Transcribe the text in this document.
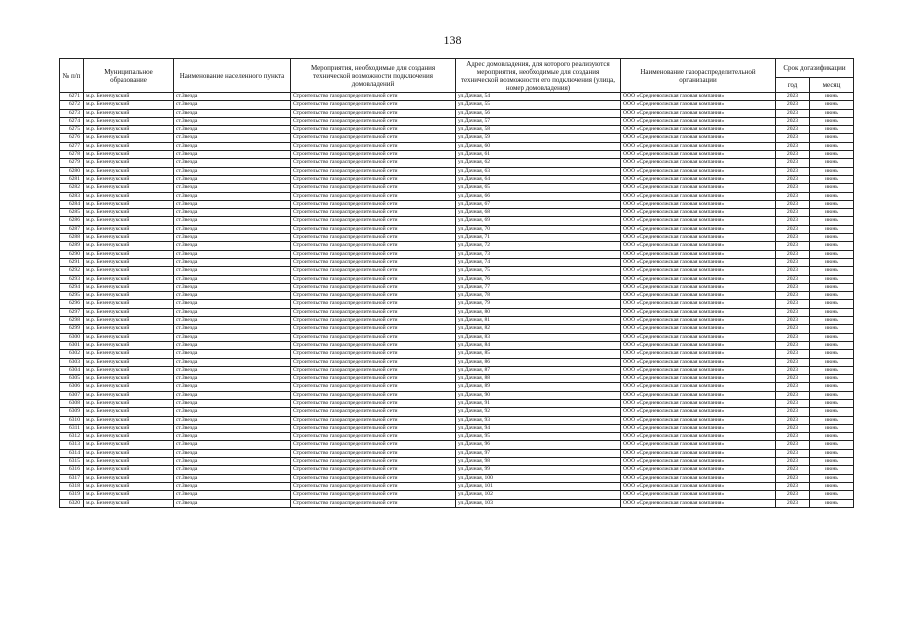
138
№ п/п	Муниципальное образование	Наименование населенного пункта	Мероприятия, необходимые для создания технической возможности подключения домовладений	Адрес домовладения, для которого реализуются мероприятия, необходимые для создания технической возможности его подключения (улица, номер домовладения)	Наименование газораспределительной организации	Срок догазификации	
						год	месяц
6271	м.р. Безенчукский	ст.Звезда	Строительство газораспределительной сети	ул.Дачная, 54	ООО «Средневолжская газовая компания»	2023	июнь
6272	м.р. Безенчукский	ст.Звезда	Строительство газораспределительной сети	ул.Дачная, 55	ООО «Средневолжская газовая компания»	2023	июнь
6273	м.р. Безенчукский	ст.Звезда	Строительство газораспределительной сети	ул.Дачная, 56	ООО «Средневолжская газовая компания»	2023	июнь
6274	м.р. Безенчукский	ст.Звезда	Строительство газораспределительной сети	ул.Дачная, 57	ООО «Средневолжская газовая компания»	2023	июнь
6275	м.р. Безенчукский	ст.Звезда	Строительство газораспределительной сети	ул.Дачная, 58	ООО «Средневолжская газовая компания»	2023	июнь
6276	м.р. Безенчукский	ст.Звезда	Строительство газораспределительной сети	ул.Дачная, 59	ООО «Средневолжская газовая компания»	2023	июнь
6277	м.р. Безенчукский	ст.Звезда	Строительство газораспределительной сети	ул.Дачная, 60	ООО «Средневолжская газовая компания»	2023	июнь
6278	м.р. Безенчукский	ст.Звезда	Строительство газораспределительной сети	ул.Дачная, 61	ООО «Средневолжская газовая компания»	2023	июнь
6279	м.р. Безенчукский	ст.Звезда	Строительство газораспределительной сети	ул.Дачная, 62	ООО «Средневолжская газовая компания»	2023	июнь
6280	м.р. Безенчукский	ст.Звезда	Строительство газораспределительной сети	ул.Дачная, 63	ООО «Средневолжская газовая компания»	2023	июнь
6281	м.р. Безенчукский	ст.Звезда	Строительство газораспределительной сети	ул.Дачная, 64	ООО «Средневолжская газовая компания»	2023	июнь
6282	м.р. Безенчукский	ст.Звезда	Строительство газораспределительной сети	ул.Дачная, 65	ООО «Средневолжская газовая компания»	2023	июнь
6283	м.р. Безенчукский	ст.Звезда	Строительство газораспределительной сети	ул.Дачная, 66	ООО «Средневолжская газовая компания»	2023	июнь
6284	м.р. Безенчукский	ст.Звезда	Строительство газораспределительной сети	ул.Дачная, 67	ООО «Средневолжская газовая компания»	2023	июнь
6285	м.р. Безенчукский	ст.Звезда	Строительство газораспределительной сети	ул.Дачная, 68	ООО «Средневолжская газовая компания»	2023	июнь
6286	м.р. Безенчукский	ст.Звезда	Строительство газораспределительной сети	ул.Дачная, 69	ООО «Средневолжская газовая компания»	2023	июнь
6287	м.р. Безенчукский	ст.Звезда	Строительство газораспределительной сети	ул.Дачная, 70	ООО «Средневолжская газовая компания»	2023	июнь
6288	м.р. Безенчукский	ст.Звезда	Строительство газораспределительной сети	ул.Дачная, 71	ООО «Средневолжская газовая компания»	2023	июнь
6289	м.р. Безенчукский	ст.Звезда	Строительство газораспределительной сети	ул.Дачная, 72	ООО «Средневолжская газовая компания»	2023	июнь
6290	м.р. Безенчукский	ст.Звезда	Строительство газораспределительной сети	ул.Дачная, 73	ООО «Средневолжская газовая компания»	2023	июнь
6291	м.р. Безенчукский	ст.Звезда	Строительство газораспределительной сети	ул.Дачная, 74	ООО «Средневолжская газовая компания»	2023	июнь
6292	м.р. Безенчукский	ст.Звезда	Строительство газораспределительной сети	ул.Дачная, 75	ООО «Средневолжская газовая компания»	2023	июнь
6293	м.р. Безенчукский	ст.Звезда	Строительство газораспределительной сети	ул.Дачная, 76	ООО «Средневолжская газовая компания»	2023	июнь
6294	м.р. Безенчукский	ст.Звезда	Строительство газораспределительной сети	ул.Дачная, 77	ООО «Средневолжская газовая компания»	2023	июнь
6295	м.р. Безенчукский	ст.Звезда	Строительство газораспределительной сети	ул.Дачная, 78	ООО «Средневолжская газовая компания»	2023	июнь
6296	м.р. Безенчукский	ст.Звезда	Строительство газораспределительной сети	ул.Дачная, 79	ООО «Средневолжская газовая компания»	2023	июнь
6297	м.р. Безенчукский	ст.Звезда	Строительство газораспределительной сети	ул.Дачная, 80	ООО «Средневолжская газовая компания»	2023	июнь
6298	м.р. Безенчукский	ст.Звезда	Строительство газораспределительной сети	ул.Дачная, 81	ООО «Средневолжская газовая компания»	2023	июнь
6299	м.р. Безенчукский	ст.Звезда	Строительство газораспределительной сети	ул.Дачная, 82	ООО «Средневолжская газовая компания»	2023	июнь
6300	м.р. Безенчукский	ст.Звезда	Строительство газораспределительной сети	ул.Дачная, 83	ООО «Средневолжская газовая компания»	2023	июнь
6301	м.р. Безенчукский	ст.Звезда	Строительство газораспределительной сети	ул.Дачная, 84	ООО «Средневолжская газовая компания»	2023	июнь
6302	м.р. Безенчукский	ст.Звезда	Строительство газораспределительной сети	ул.Дачная, 85	ООО «Средневолжская газовая компания»	2023	июнь
6303	м.р. Безенчукский	ст.Звезда	Строительство газораспределительной сети	ул.Дачная, 86	ООО «Средневолжская газовая компания»	2023	июнь
6304	м.р. Безенчукский	ст.Звезда	Строительство газораспределительной сети	ул.Дачная, 87	ООО «Средневолжская газовая компания»	2023	июнь
6305	м.р. Безенчукский	ст.Звезда	Строительство газораспределительной сети	ул.Дачная, 88	ООО «Средневолжская газовая компания»	2023	июнь
6306	м.р. Безенчукский	ст.Звезда	Строительство газораспределительной сети	ул.Дачная, 89	ООО «Средневолжская газовая компания»	2023	июнь
6307	м.р. Безенчукский	ст.Звезда	Строительство газораспределительной сети	ул.Дачная, 90	ООО «Средневолжская газовая компания»	2023	июнь
6308	м.р. Безенчукский	ст.Звезда	Строительство газораспределительной сети	ул.Дачная, 91	ООО «Средневолжская газовая компания»	2023	июнь
6309	м.р. Безенчукский	ст.Звезда	Строительство газораспределительной сети	ул.Дачная, 92	ООО «Средневолжская газовая компания»	2023	июнь
6310	м.р. Безенчукский	ст.Звезда	Строительство газораспределительной сети	ул.Дачная, 93	ООО «Средневолжская газовая компания»	2023	июнь
6311	м.р. Безенчукский	ст.Звезда	Строительство газораспределительной сети	ул.Дачная, 94	ООО «Средневолжская газовая компания»	2023	июнь
6312	м.р. Безенчукский	ст.Звезда	Строительство газораспределительной сети	ул.Дачная, 95	ООО «Средневолжская газовая компания»	2023	июнь
6313	м.р. Безенчукский	ст.Звезда	Строительство газораспределительной сети	ул.Дачная, 96	ООО «Средневолжская газовая компания»	2023	июнь
6314	м.р. Безенчукский	ст.Звезда	Строительство газораспределительной сети	ул.Дачная, 97	ООО «Средневолжская газовая компания»	2023	июнь
6315	м.р. Безенчукский	ст.Звезда	Строительство газораспределительной сети	ул.Дачная, 98	ООО «Средневолжская газовая компания»	2023	июнь
6316	м.р. Безенчукский	ст.Звезда	Строительство газораспределительной сети	ул.Дачная, 99	ООО «Средневолжская газовая компания»	2023	июнь
6317	м.р. Безенчукский	ст.Звезда	Строительство газораспределительной сети	ул.Дачная, 100	ООО «Средневолжская газовая компания»	2023	июнь
6318	м.р. Безенчукский	ст.Звезда	Строительство газораспределительной сети	ул.Дачная, 101	ООО «Средневолжская газовая компания»	2023	июнь
6319	м.р. Безенчукский	ст.Звезда	Строительство газораспределительной сети	ул.Дачная, 102	ООО «Средневолжская газовая компания»	2023	июнь
6320	м.р. Безенчукский	ст.Звезда	Строительство газораспределительной сети	ул.Дачная, 103	ООО «Средневолжская газовая компания»	2023	июнь
